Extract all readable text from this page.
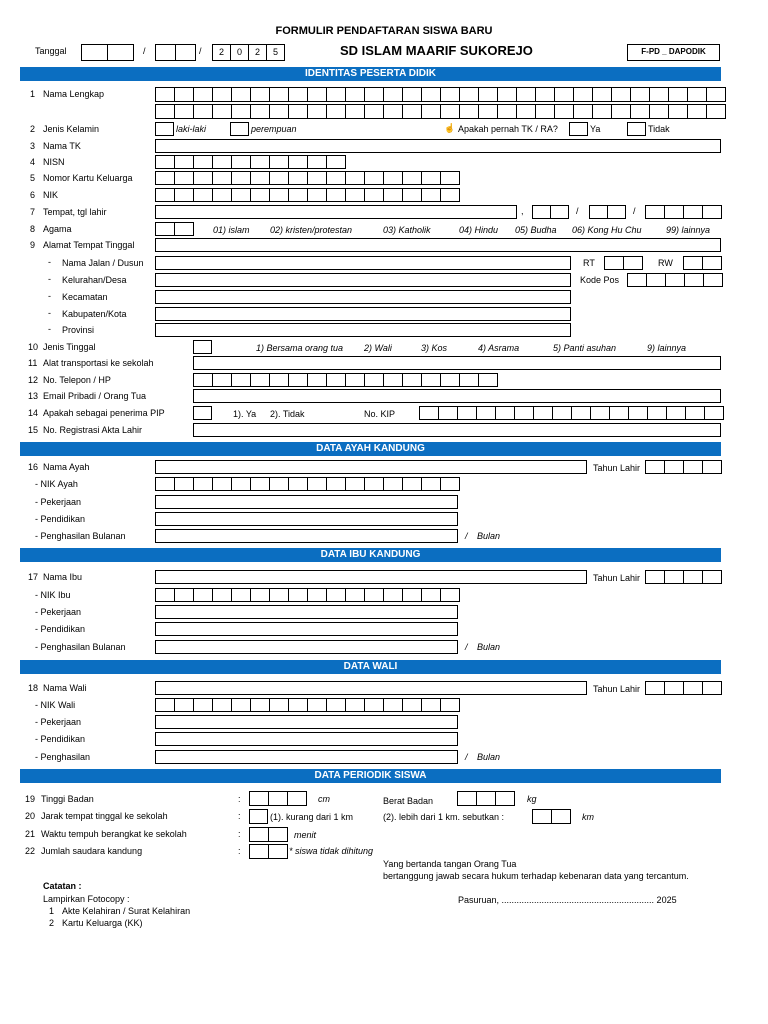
FORMULIR PENDAFTARAN SISWA BARU
Tanggal	/	/	2	0	2	5	SD ISLAM MAARIF SUKOREJO	F-PD _ DAPODIK
IDENTITAS PESERTA DIDIK
1 Nama Lengkap
2 Jenis Kelamin	laki-laki	perempuan	☝ Apakah pernah TK / RA?	Ya	Tidak
3 Nama TK
4 NISN
5 Nomor Kartu Keluarga
6 NIK
7 Tempat, tgl lahir	,	/	/
8 Agama	01) islam 02) kristen/protestan	03) Katholik	04) Hindu 05) Budha 06) Kong Hu Chu	99) lainnya
9 Alamat Tempat Tinggal
- Nama Jalan / Dusun	RT	RW
- Kelurahan/Desa	Kode Pos
- Kecamatan
- Kabupaten/Kota
- Provinsi
10 Jenis Tinggal	1) Bersama orang tua 2) Wali	3) Kos	4) Asrama	5) Panti asuhan	9) lainnya
11 Alat transportasi ke sekolah
12 No. Telepon / HP
13 Email Pribadi / Orang Tua
14 Apakah sebagai penerima PIP	1). Ya 2). Tidak	No. KIP
15 No. Registrasi Akta Lahir
DATA AYAH KANDUNG
16 Nama Ayah	Tahun Lahir
- NIK Ayah
- Pekerjaan
- Pendidikan
- Penghasilan Bulanan	/ Bulan
DATA IBU KANDUNG
17 Nama Ibu	Tahun Lahir
- NIK Ibu
- Pekerjaan
- Pendidikan
- Penghasilan Bulanan	/ Bulan
DATA WALI
18 Nama Wali	Tahun Lahir
- NIK Wali
- Pekerjaan
- Pendidikan
- Penghasilan	/ Bulan
DATA PERIODIK SISWA
19 Tinggi Badan	:	cm	Berat Badan	kg
20 Jarak tempat tinggal ke sekolah	:	(1). kurang dari 1 km	(2). lebih dari 1 km. sebutkan :	km
21 Waktu tempuh berangkat ke sekolah	:	menit
22 Jumlah saudara kandung	:	* siswa tidak dihitung
Yang bertanda tangan Orang Tua
bertanggung jawab secara hukum terhadap kebenaran data yang tercantum.
Catatan :
Lampirkan Fotocopy :	Pasuruan, ............................................................. 2025
1 Akte Kelahiran / Surat Kelahiran
2 Kartu Keluarga (KK)
